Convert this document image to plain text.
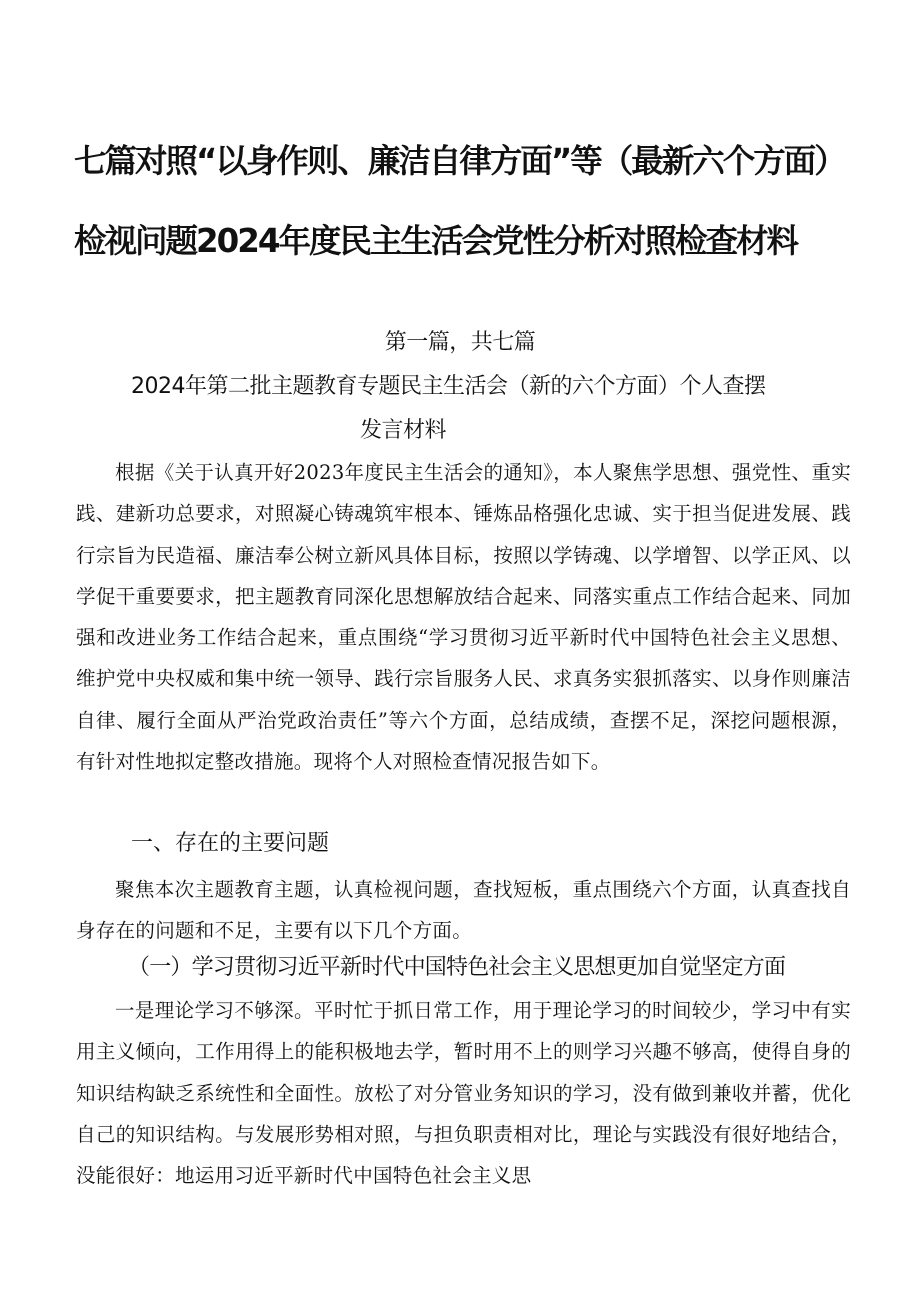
七篇对照“以身作则、廉洁自律方面”等（最新六个方面）
检视问题2024年度民主生活会党性分析对照检查材料
第一篇，共七篇
2024年第二批主题教育专题民主生活会（新的六个方面）个人查摆
发言材料

根据《关于认真开好2023年度民主生活会的通知》，本人聚焦学思想、强党性、重实践、建新功总要求，对照凝心铸魂筑牢根本、锤炼品格强化忠诚、实于担当促进发展、践行宗旨为民造福、廉洁奉公树立新风具体目标，按照以学铸魂、以学增智、以学正风、以学促干重要要求，把主题教育同深化思想解放结合起来、同落实重点工作结合起来、同加强和改进业务工作结合起来，重点围绕“学习贯彻习近平新时代中国特色社会主义思想、维护党中央权威和集中统一领导、践行宗旨服务人民、求真务实狠抓落实、以身作则廉洁自律、履行全面从严治党政治责任”等六个方面，总结成绩，查摆不足，深挖问题根源，有针对性地拟定整改措施。现将个人对照检查情况报告如下。

一、存在的主要问题

聚焦本次主题教育主题，认真检视问题，查找短板，重点围绕六个方面，认真查找自身存在的问题和不足，主要有以下几个方面。

（一）学习贯彻习近平新时代中国特色社会主义思想更加自觉坚定方面

一是理论学习不够深。平时忙于抓日常工作，用于理论学习的时间较少，学习中有实用主义倾向，工作用得上的能积极地去学，暂时用不上的则学习兴趣不够高，使得自身的知识结构缺乏系统性和全面性。放松了对分管业务知识的学习，没有做到兼收并蓄，优化自己的知识结构。与发展形势相对照，与担负职责相对比，理论与实践没有很好地结合，没能很好：地运用习近平新时代中国特色社会主义思
